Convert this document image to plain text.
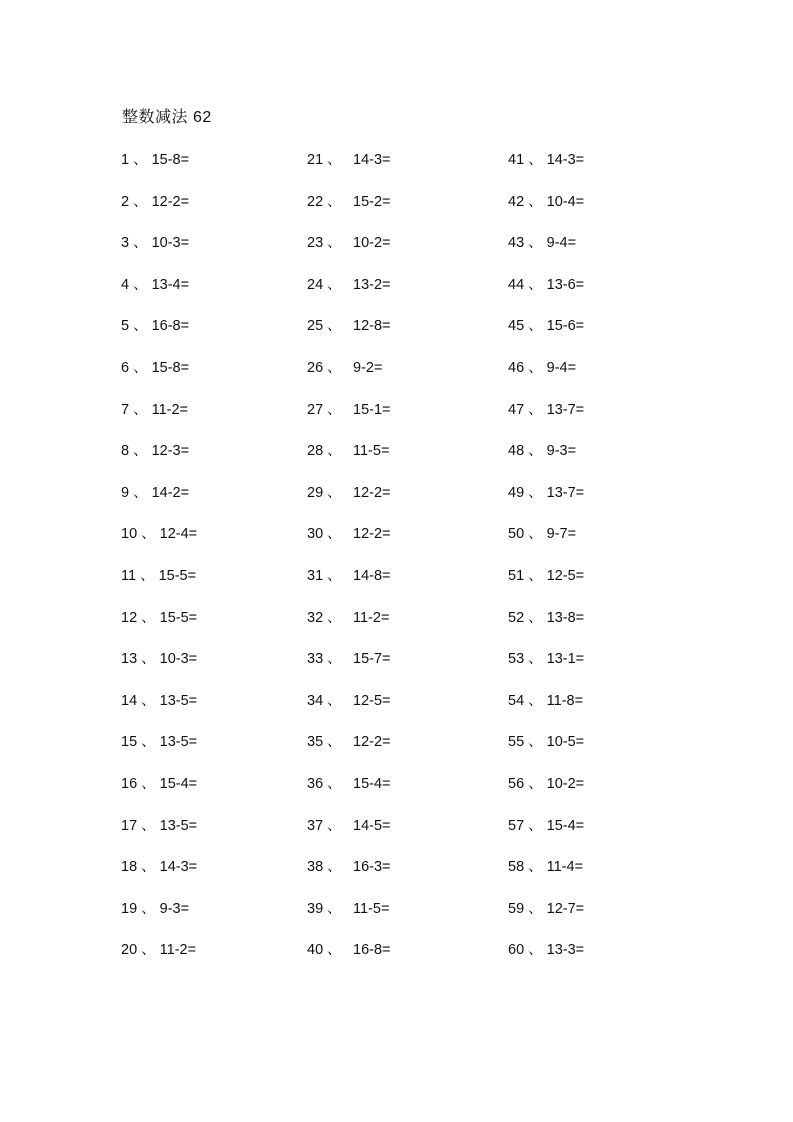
整数减法 62
1 、 15-8=
2 、 12-2=
3 、 10-3=
4 、 13-4=
5 、 16-8=
6 、 15-8=
7 、 11-2=
8 、 12-3=
9 、 14-2=
10 、 12-4=
11 、 15-5=
12 、 15-5=
13 、 10-3=
14 、 13-5=
15 、 13-5=
16 、 15-4=
17 、 13-5=
18 、 14-3=
19 、 9-3=
20 、 11-2=
21 、 14-3=
22 、 15-2=
23 、 10-2=
24 、 13-2=
25 、 12-8=
26 、 9-2=
27 、 15-1=
28 、 11-5=
29 、 12-2=
30 、 12-2=
31 、 14-8=
32 、 11-2=
33 、 15-7=
34 、 12-5=
35 、 12-2=
36 、 15-4=
37 、 14-5=
38 、 16-3=
39 、 11-5=
40 、 16-8=
41 、 14-3=
42 、 10-4=
43 、 9-4=
44 、 13-6=
45 、 15-6=
46 、 9-4=
47 、 13-7=
48 、 9-3=
49 、 13-7=
50 、 9-7=
51 、 12-5=
52 、 13-8=
53 、 13-1=
54 、 11-8=
55 、 10-5=
56 、 10-2=
57 、 15-4=
58 、 11-4=
59 、 12-7=
60 、 13-3=
